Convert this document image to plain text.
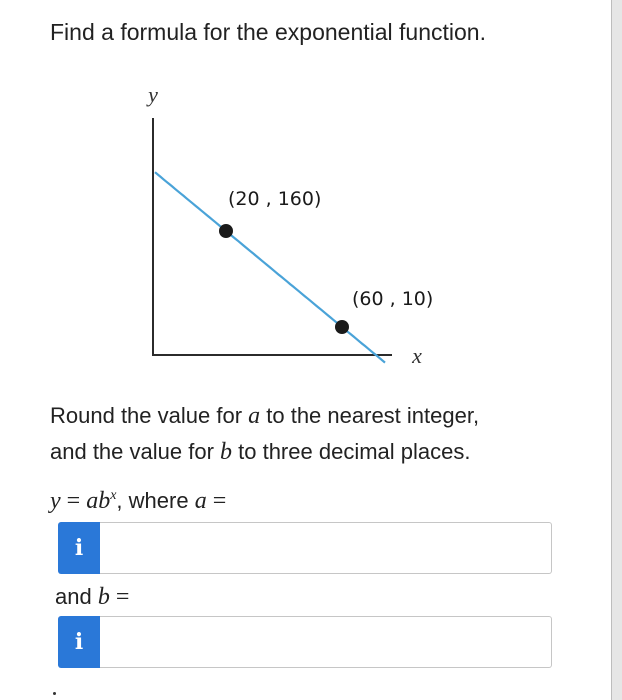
Find a formula for the exponential function.
y
x
(20 , 160)
(60 , 10)

Round the value for a to the nearest integer,
and the value for b to three decimal places.

$y = ab^x$, where a =
i
and b =
i
